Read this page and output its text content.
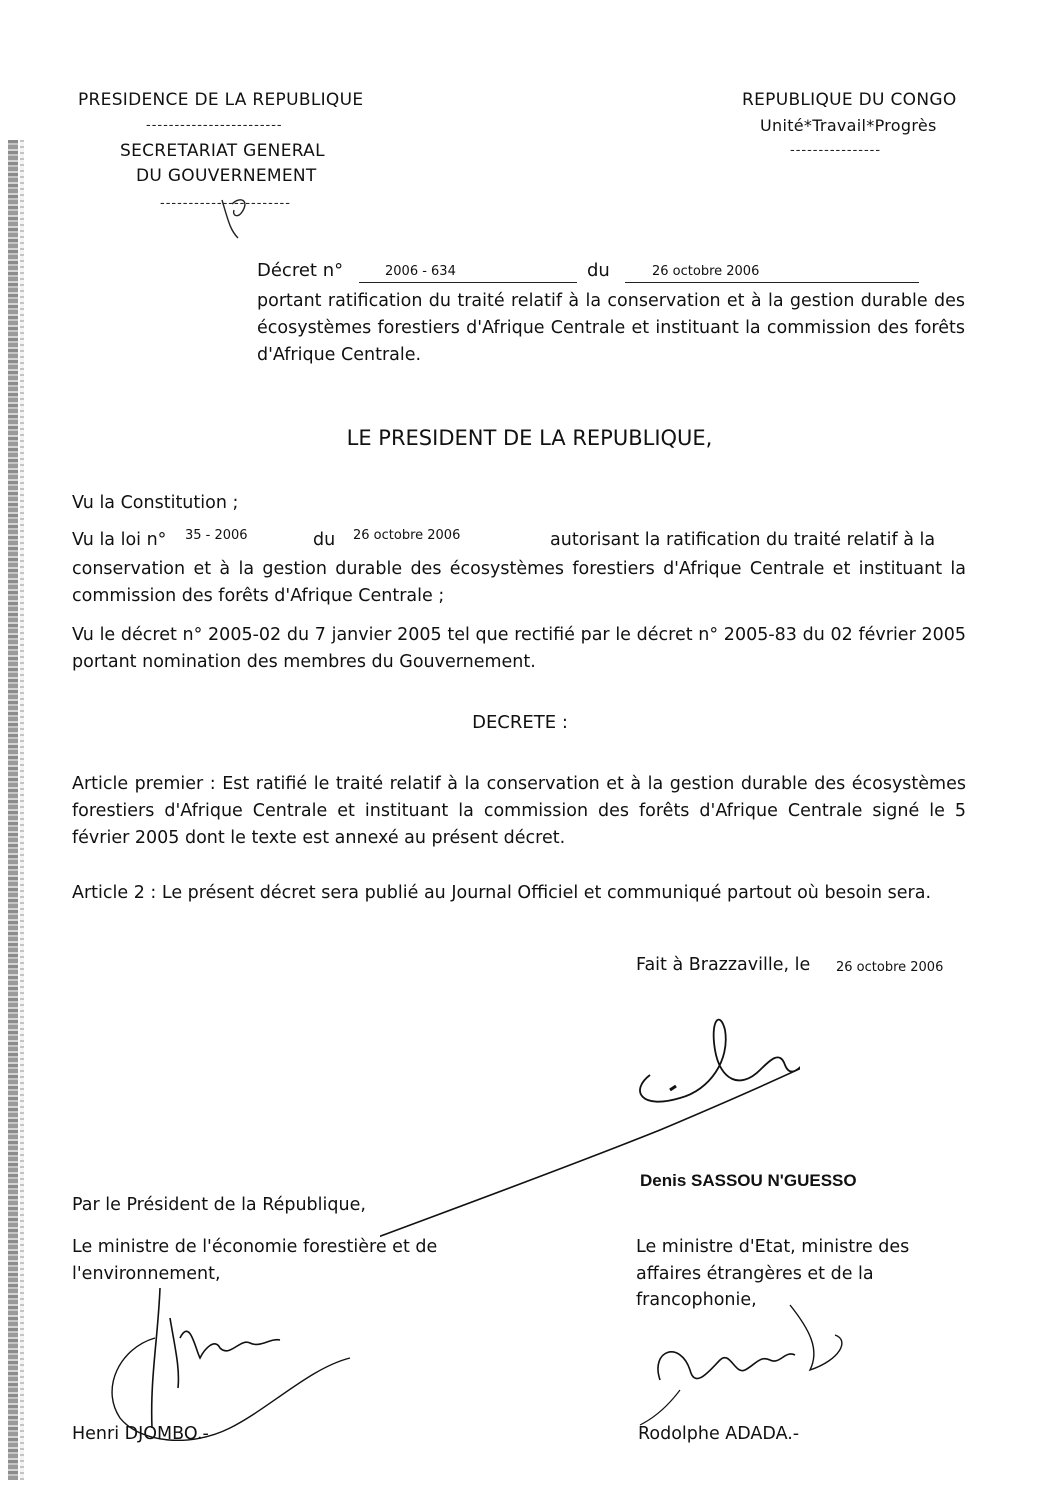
PRESIDENCE DE LA REPUBLIQUE
------------------------
SECRETARIAT GENERAL
DU GOUVERNEMENT
-----------------------
REPUBLIQUE DU CONGO
Unité*Travail*Progrès
----------------
Décret n°	2006 - 634	du	26 octobre 2006
portant ratification du traité relatif à la conservation et à la gestion durable des écosystèmes forestiers d'Afrique Centrale et instituant la commission des forêts d'Afrique Centrale.
LE PRESIDENT DE LA REPUBLIQUE,
Vu la Constitution ;
Vu la loi n° 35 - 2006	du 26 octobre 2006	autorisant la ratification du traité relatif à la
conservation et à la gestion durable des écosystèmes forestiers d'Afrique Centrale et instituant la commission des forêts d'Afrique Centrale ;
Vu le décret n° 2005-02 du 7 janvier 2005 tel que rectifié par le décret n° 2005-83 du 02 février 2005 portant nomination des membres du Gouvernement.
DECRETE :
Article premier : Est ratifié le traité relatif à la conservation et à la gestion durable des écosystèmes forestiers d'Afrique Centrale et instituant la commission des forêts d'Afrique Centrale signé le 5 février 2005 dont le texte est annexé au présent décret.
Article 2 : Le présent décret sera publié au Journal Officiel et communiqué partout où besoin sera.
Fait à Brazzaville, le 26 octobre 2006
Denis SASSOU N'GUESSO
Par le Président de la République,
Le ministre de l'économie forestière et de
l'environnement,
Henri DJOMBO.-
Le ministre d'Etat, ministre des
affaires étrangères et de la
francophonie,
Rodolphe ADADA.-
